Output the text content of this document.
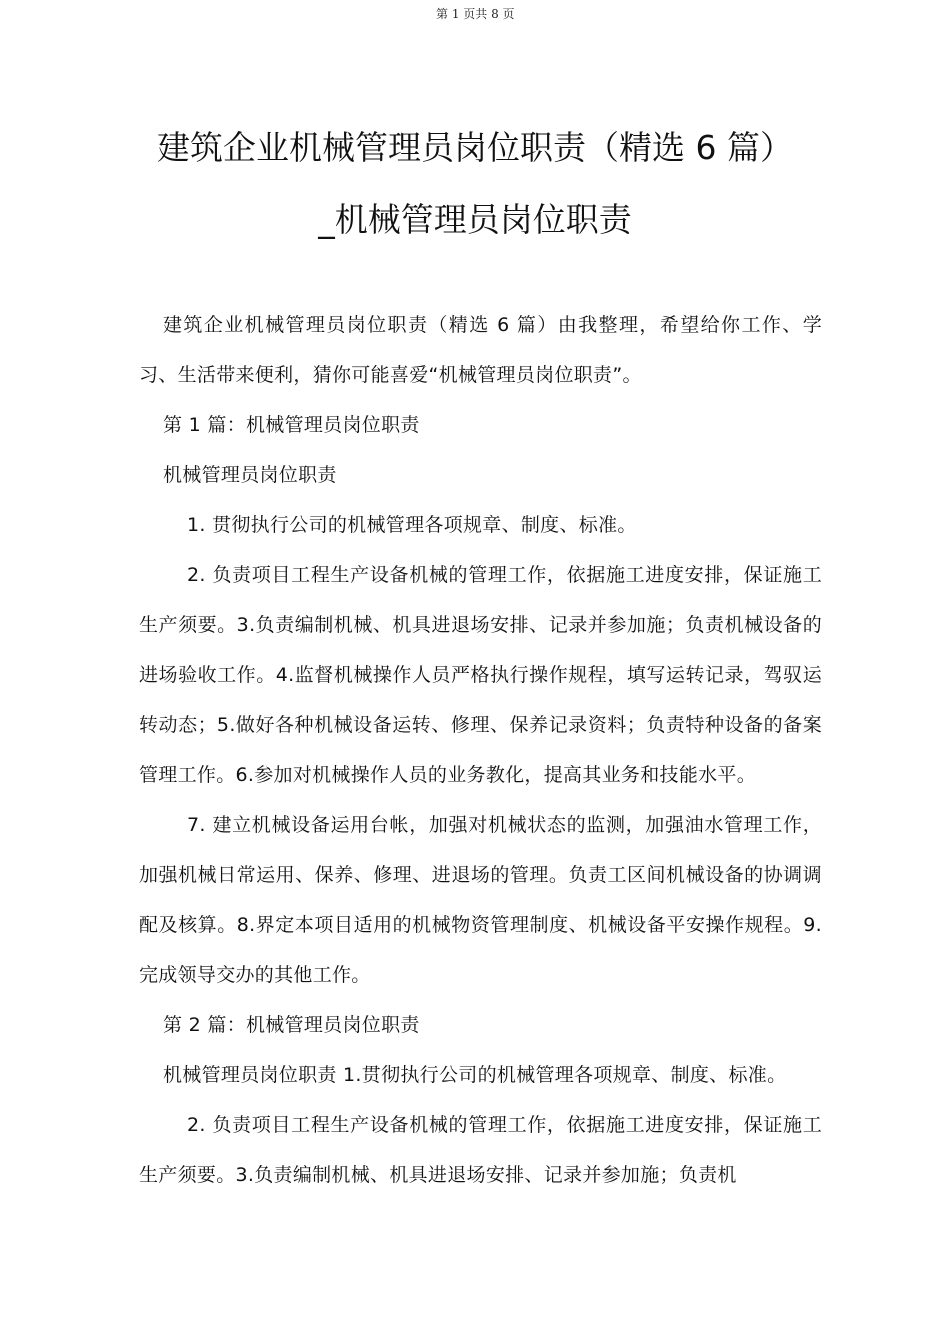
第 1 页共 8 页
建筑企业机械管理员岗位职责（精选 6 篇）
_机械管理员岗位职责

建筑企业机械管理员岗位职责（精选 6 篇）由我整理，希望给你工作、学习、生活带来便利，猜你可能喜爱“机械管理员岗位职责”。

第 1 篇：机械管理员岗位职责

机械管理员岗位职责

1. 贯彻执行公司的机械管理各项规章、制度、标准。

2. 负责项目工程生产设备机械的管理工作，依据施工进度安排，保证施工生产须要。3.负责编制机械、机具进退场安排、记录并参加施；负责机械设备的进场验收工作。4.监督机械操作人员严格执行操作规程，填写运转记录，驾驭运转动态；5.做好各种机械设备运转、修理、保养记录资料；负责特种设备的备案管理工作。6.参加对机械操作人员的业务教化，提高其业务和技能水平。

7. 建立机械设备运用台帐，加强对机械状态的监测，加强油水管理工作，加强机械日常运用、保养、修理、进退场的管理。负责工区间机械设备的协调调配及核算。8.界定本项目适用的机械物资管理制度、机械设备平安操作规程。9.完成领导交办的其他工作。

第 2 篇：机械管理员岗位职责

机械管理员岗位职责 1.贯彻执行公司的机械管理各项规章、制度、标准。

2. 负责项目工程生产设备机械的管理工作，依据施工进度安排，保证施工生产须要。3.负责编制机械、机具进退场安排、记录并参加施；负责机
